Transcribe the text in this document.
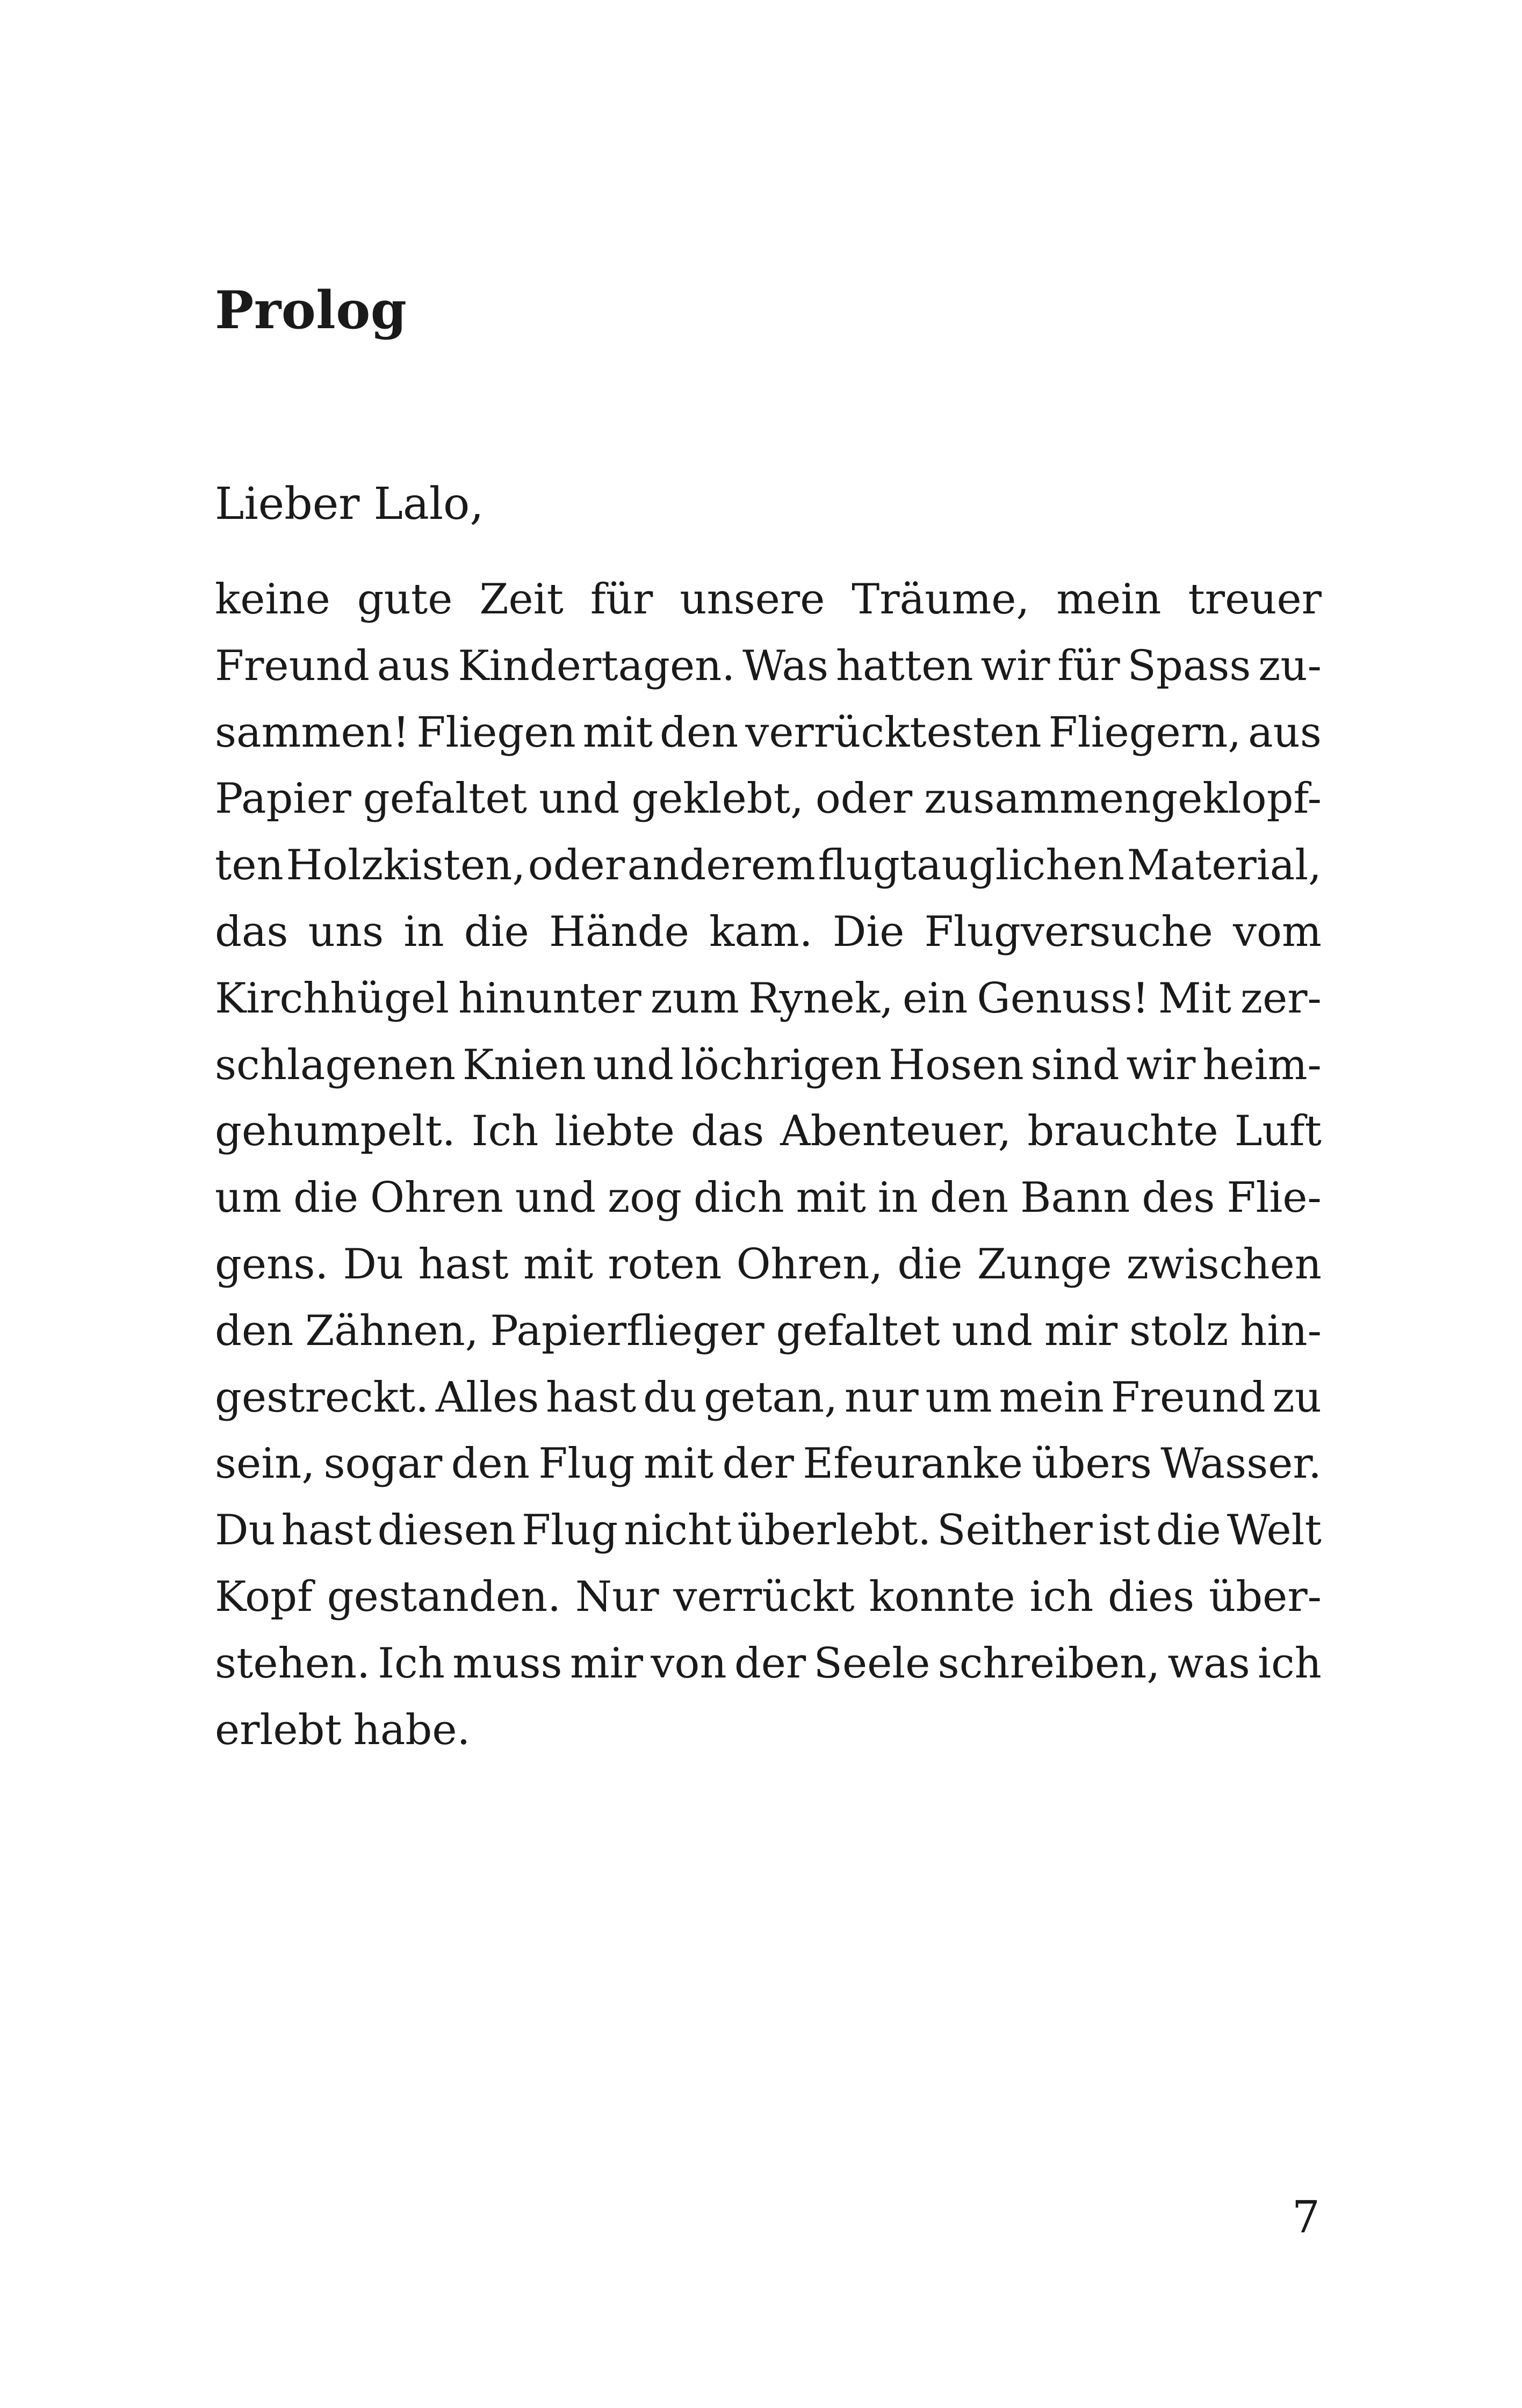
Prolog

Lieber Lalo,

keine gute Zeit für unsere Träume, mein treuer
Freund aus Kindertagen. Was hatten wir für Spass zu-
sammen! Fliegen mit den verrücktesten Fliegern, aus
Papier gefaltet und geklebt, oder zusammengeklopf-
ten Holzkisten, oder anderem flugtauglichen Material,
das uns in die Hände kam. Die Flugversuche vom
Kirchhügel hinunter zum Rynek, ein Genuss! Mit zer-
schlagenen Knien und löchrigen Hosen sind wir heim-
gehumpelt. Ich liebte das Abenteuer, brauchte Luft
um die Ohren und zog dich mit in den Bann des Flie-
gens. Du hast mit roten Ohren, die Zunge zwischen
den Zähnen, Papierflieger gefaltet und mir stolz hin-
gestreckt. Alles hast du getan, nur um mein Freund zu
sein, sogar den Flug mit der Efeuranke übers Wasser.
Du hast diesen Flug nicht überlebt. Seither ist die Welt
Kopf gestanden. Nur verrückt konnte ich dies über-
stehen. Ich muss mir von der Seele schreiben, was ich
erlebt habe.

7
